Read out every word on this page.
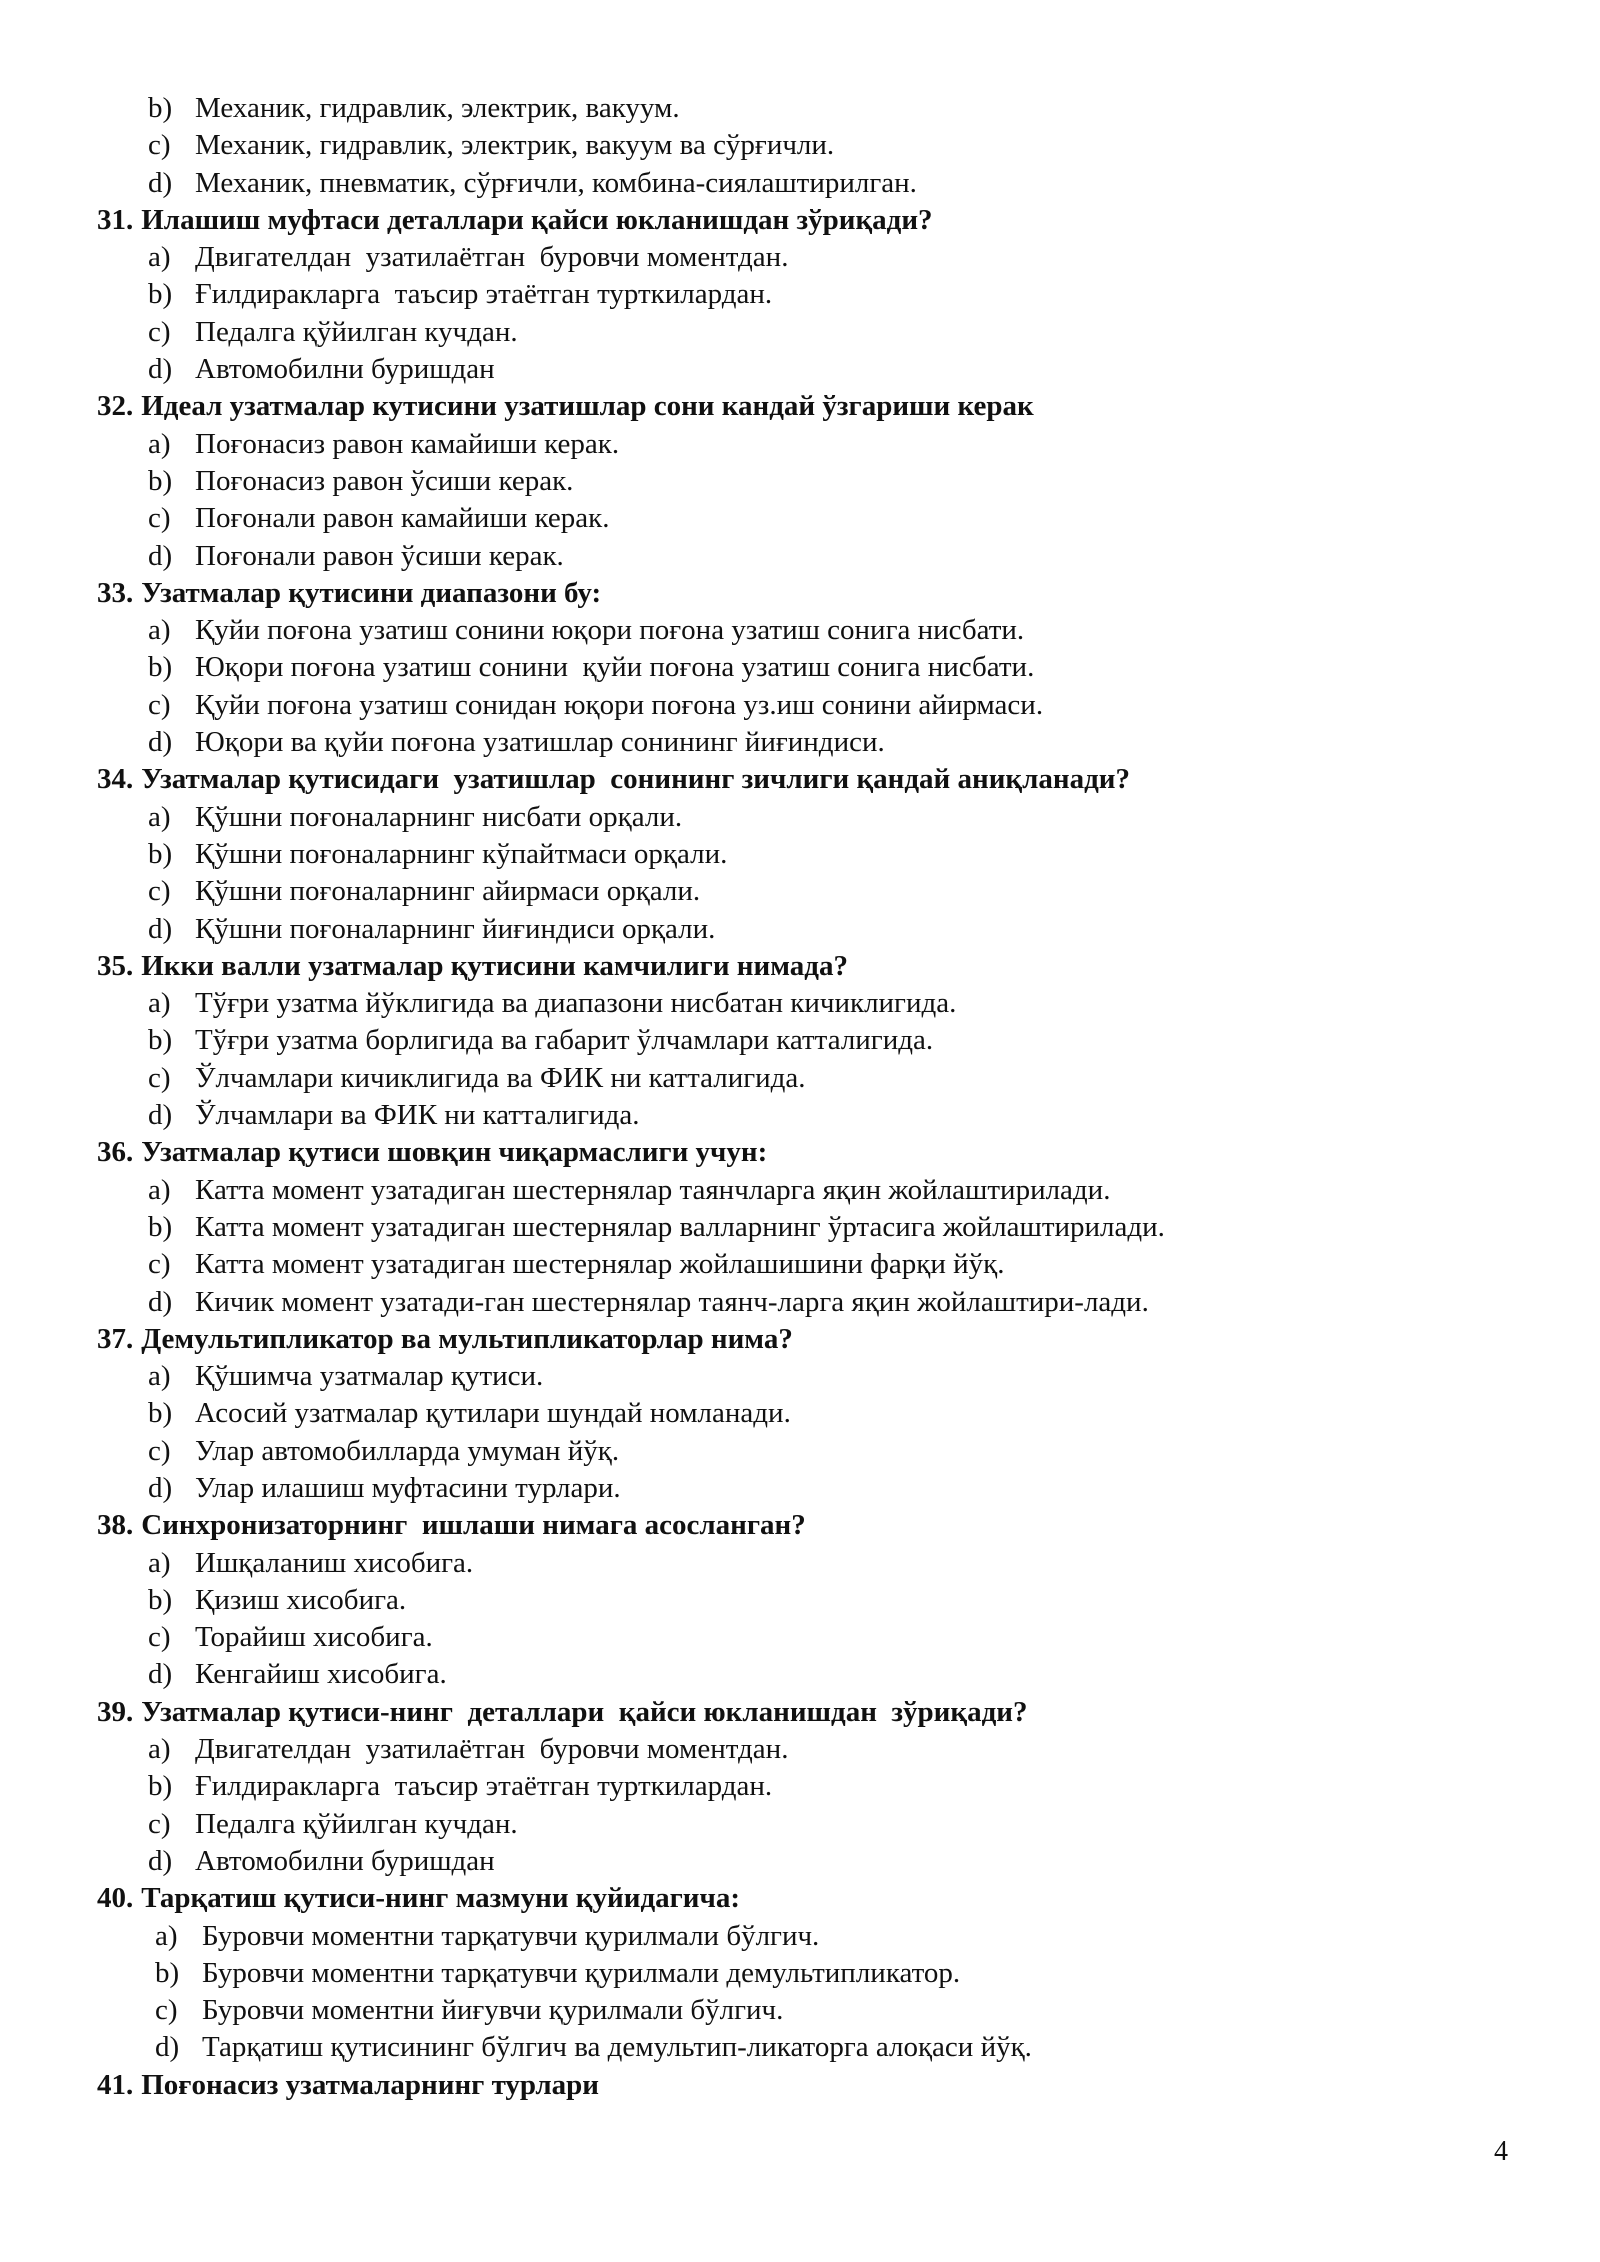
b) Механик, гидравлик, электрик, вакуум.
c) Механик, гидравлик, электрик, вакуум ва сўрғичли.
d) Механик, пневматик, сўрғичли, комбина-сиялаштирилган.
31. Илашиш муфтаси деталлари қайси юкланишдан зўриқади?
a) Двигателдан  узатилаётган  буровчи моментдан.
b) Ғилдиракларга  таъсир этаётган турткилардан.
c) Педалга қўйилган кучдан.
d) Автомобилни буришдан
32. Идеал узатмалар кутисини узатишлар сони кандай ўзгариши керак
a) Поғонасиз равон камайиши керак.
b) Поғонасиз равон ўсиши керак.
c) Поғонали равон камайиши керак.
d) Поғонали равон ўсиши керак.
33. Узатмалар қутисини диапазони бу:
a) Қуйи поғона узатиш сонини юқори поғона узатиш сонига нисбати.
b) Юқори поғона узатиш сонини  қуйи поғона узатиш сонига нисбати.
c) Қуйи поғона узатиш сонидан юқори поғона уз.иш сонини айирмаси.
d) Юқори ва қуйи поғона узатишлар сонининг йиғиндиси.
34. Узатмалар қутисидаги  узатишлар  сонининг зичлиги қандай аниқланади?
a) Қўшни поғоналарнинг нисбати орқали.
b) Қўшни поғоналарнинг кўпайтмаси орқали.
c) Қўшни поғоналарнинг айирмаси орқали.
d) Қўшни поғоналарнинг йиғиндиси орқали.
35. Икки валли узатмалар қутисини камчилиги нимада?
a) Тўғри узатма йўклигида ва диапазони нисбатан кичиклигида.
b) Тўғри узатма борлигида ва габарит ўлчамлари катталигида.
c) Ўлчамлари кичиклигида ва ФИК ни катталигида.
d) Ўлчамлари ва ФИК ни катталигида.
36. Узатмалар қутиси шовқин чиқармаслиги учун:
a) Катта момент узатадиган шестернялар таянчларга яқин жойлаштирилади.
b) Катта момент узатадиган шестернялар валларнинг ўртасига жойлаштирилади.
c) Катта момент узатадиган шестернялар жойлашишини фарқи йўқ.
d) Кичик момент узатади-ган шестернялар таянч-ларга яқин жойлаштири-лади.
37. Демультипликатор ва мультипликаторлар нима?
a) Қўшимча узатмалар қутиси.
b) Асосий узатмалар қутилари шундай номланади.
c) Улар автомобилларда умуман йўқ.
d) Улар илашиш муфтасини турлари.
38. Синхронизаторнинг  ишлаши нимага асосланган?
a) Ишқаланиш хисобига.
b) Қизиш хисобига.
c) Торайиш хисобига.
d) Кенгайиш хисобига.
39. Узатмалар қутиси-нинг  деталлари  қайси юкланишдан  зўриқади?
a) Двигателдан  узатилаётган  буровчи моментдан.
b) Ғилдиракларга  таъсир этаётган турткилардан.
c) Педалга қўйилган кучдан.
d) Автомобилни буришдан
40. Тарқатиш қутиси-нинг мазмуни қуйидагича:
a) Буровчи моментни тарқатувчи қурилмали бўлгич.
b) Буровчи моментни тарқатувчи қурилмали демультипликатор.
c) Буровчи моментни йиғувчи қурилмали бўлгич.
d) Тарқатиш қутисининг бўлгич ва демультип-ликаторга алоқаси йўқ.
41. Поғонасиз узатмаларнинг турлари
4
